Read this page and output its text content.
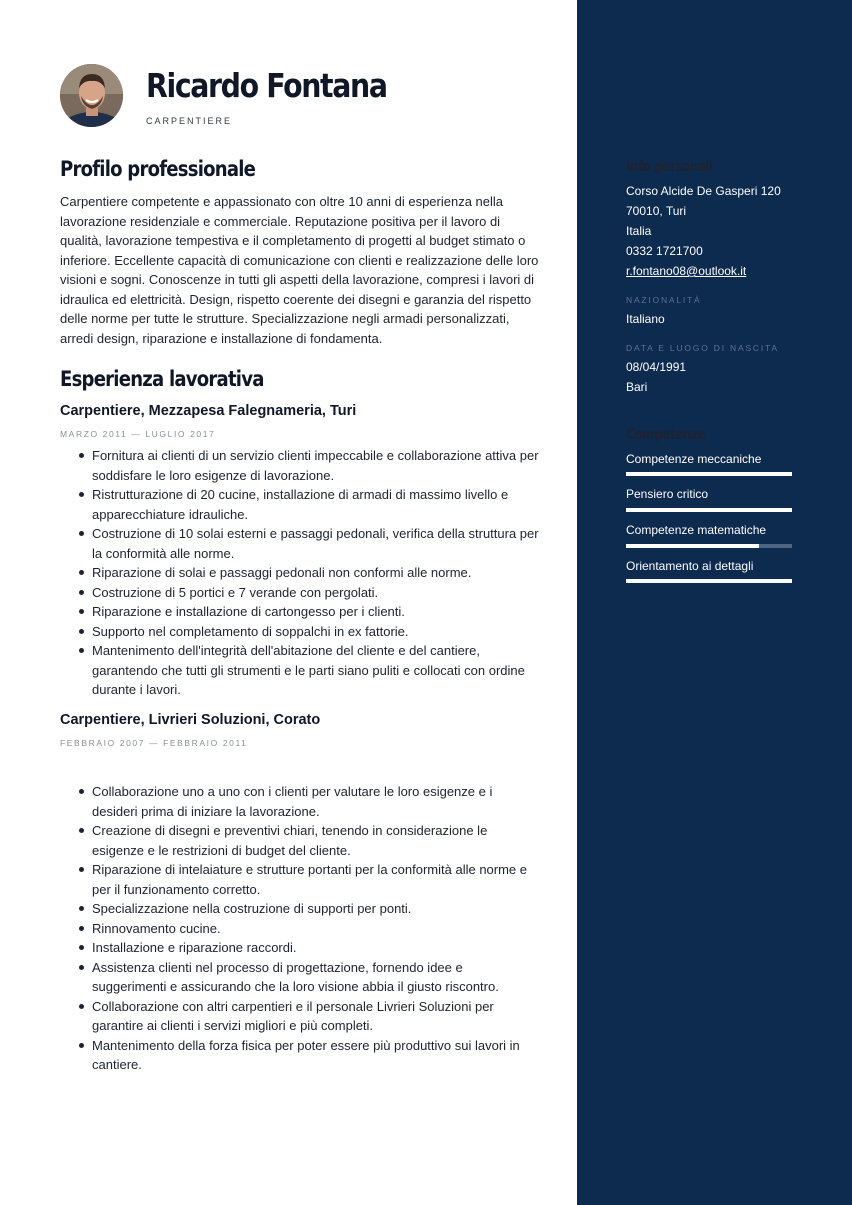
Ricardo Fontana
CARPENTIERE
Profilo professionale
Carpentiere competente e appassionato con oltre 10 anni di esperienza nella lavorazione residenziale e commerciale. Reputazione positiva per il lavoro di qualità, lavorazione tempestiva e il completamento di progetti al budget stimato o inferiore. Eccellente capacità di comunicazione con clienti e realizzazione delle loro visioni e sogni. Conoscenze in tutti gli aspetti della lavorazione, compresi i lavori di idraulica ed elettricità. Design, rispetto coerente dei disegni e garanzia del rispetto delle norme per tutte le strutture. Specializzazione negli armadi personalizzati, arredi design, riparazione e installazione di fondamenta.
Esperienza lavorativa
Carpentiere, Mezzapesa Falegnameria, Turi
MARZO 2011 — LUGLIO 2017
Fornitura ai clienti di un servizio clienti impeccabile e collaborazione attiva per soddisfare le loro esigenze di lavorazione.
Ristrutturazione di 20 cucine, installazione di armadi di massimo livello e apparecchiature idrauliche.
Costruzione di 10 solai esterni e passaggi pedonali, verifica della struttura per la conformità alle norme.
Riparazione di solai e passaggi pedonali non conformi alle norme.
Costruzione di 5 portici e 7 verande con pergolati.
Riparazione e installazione di cartongesso per i clienti.
Supporto nel completamento di soppalchi in ex fattorie.
Mantenimento dell'integrità dell'abitazione del cliente e del cantiere, garantendo che tutti gli strumenti e le parti siano puliti e collocati con ordine durante i lavori.
Carpentiere, Livrieri Soluzioni, Corato
FEBBRAIO 2007 — FEBBRAIO 2011
Collaborazione uno a uno con i clienti per valutare le loro esigenze e i desideri prima di iniziare la lavorazione.
Creazione di disegni e preventivi chiari, tenendo in considerazione le esigenze e le restrizioni di budget del cliente.
Riparazione di intelaiature e strutture portanti per la conformità alle norme e per il funzionamento corretto.
Specializzazione nella costruzione di supporti per ponti.
Rinnovamento cucine.
Installazione e riparazione raccordi.
Assistenza clienti nel processo di progettazione, fornendo idee e suggerimenti e assicurando che la loro visione abbia il giusto riscontro.
Collaborazione con altri carpentieri e il personale Livrieri Soluzioni per garantire ai clienti i servizi migliori e più completi.
Mantenimento della forza fisica per poter essere più produttivo sui lavori in cantiere.
Info personali
Corso Alcide De Gasperi 120
70010, Turi
Italia
0332 1721700
r.fontano08@outlook.it
NAZIONALITÀ
Italiano
DATA E LUOGO DI NASCITA
08/04/1991
Bari
Competenze
Competenze meccaniche
Pensiero critico
Competenze matematiche
Orientamento ai dettagli
